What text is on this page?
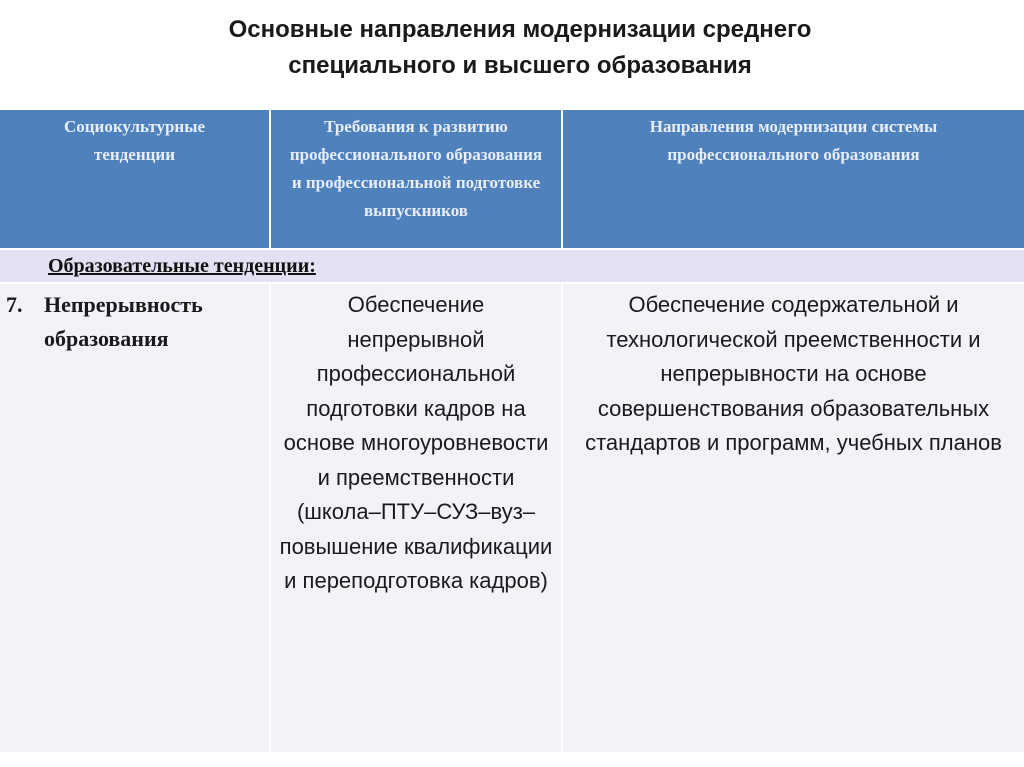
Основные направления модернизации среднего
специального и высшего образования
Социокультурные тенденции	Требования к развитию профессионального образования и профессиональной подготовке выпускников	Направления модернизации системы профессионального образования

Образовательные тенденции:		

7. Непрерывность образования	Обеспечение непрерывной профессиональной подготовки кадров на основе многоуровневости и преемственности (школа–ПТУ–СУЗ–вуз–повышение квалификации и переподготовка кадров)	Обеспечение содержательной и технологической преемственности и непрерывности на основе совершенствования образовательных стандартов и программ, учебных планов
